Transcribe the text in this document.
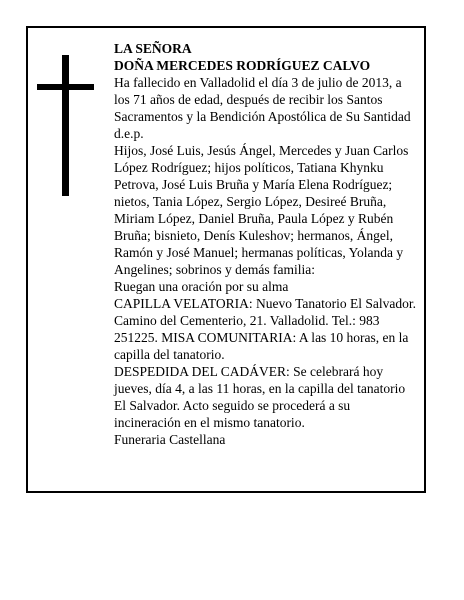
LA SEÑORA

DOÑA MERCEDES RODRÍGUEZ CALVO

Ha fallecido en Valladolid el día 3 de julio de 2013, a los 71 años de edad, después de recibir los Santos Sacramentos y la Bendición Apostólica de Su Santidad d.e.p.

Hijos, José Luis, Jesús Ángel, Mercedes y Juan Carlos López Rodríguez; hijos políticos, Tatiana Khynku Petrova, José Luis Bruña y María Elena Rodríguez; nietos, Tania López, Sergio López, Desireé Bruña, Miriam López, Daniel Bruña, Paula López y Rubén Bruña; bisnieto, Denís Kuleshov; hermanos, Ángel, Ramón y José Manuel; hermanas políticas, Yolanda y Angelines; sobrinos y demás familia:

Ruegan una oración por su alma

CAPILLA VELATORIA: Nuevo Tanatorio El Salvador. Camino del Cementerio, 21. Valladolid. Tel.: 983 251225. MISA COMUNITARIA: A las 10 horas, en la capilla del tanatorio.

DESPEDIDA DEL CADÁVER: Se celebrará hoy jueves, día 4, a las 11 horas, en la capilla del tanatorio El Salvador. Acto seguido se procederá a su incineración en el mismo tanatorio.

Funeraria Castellana
